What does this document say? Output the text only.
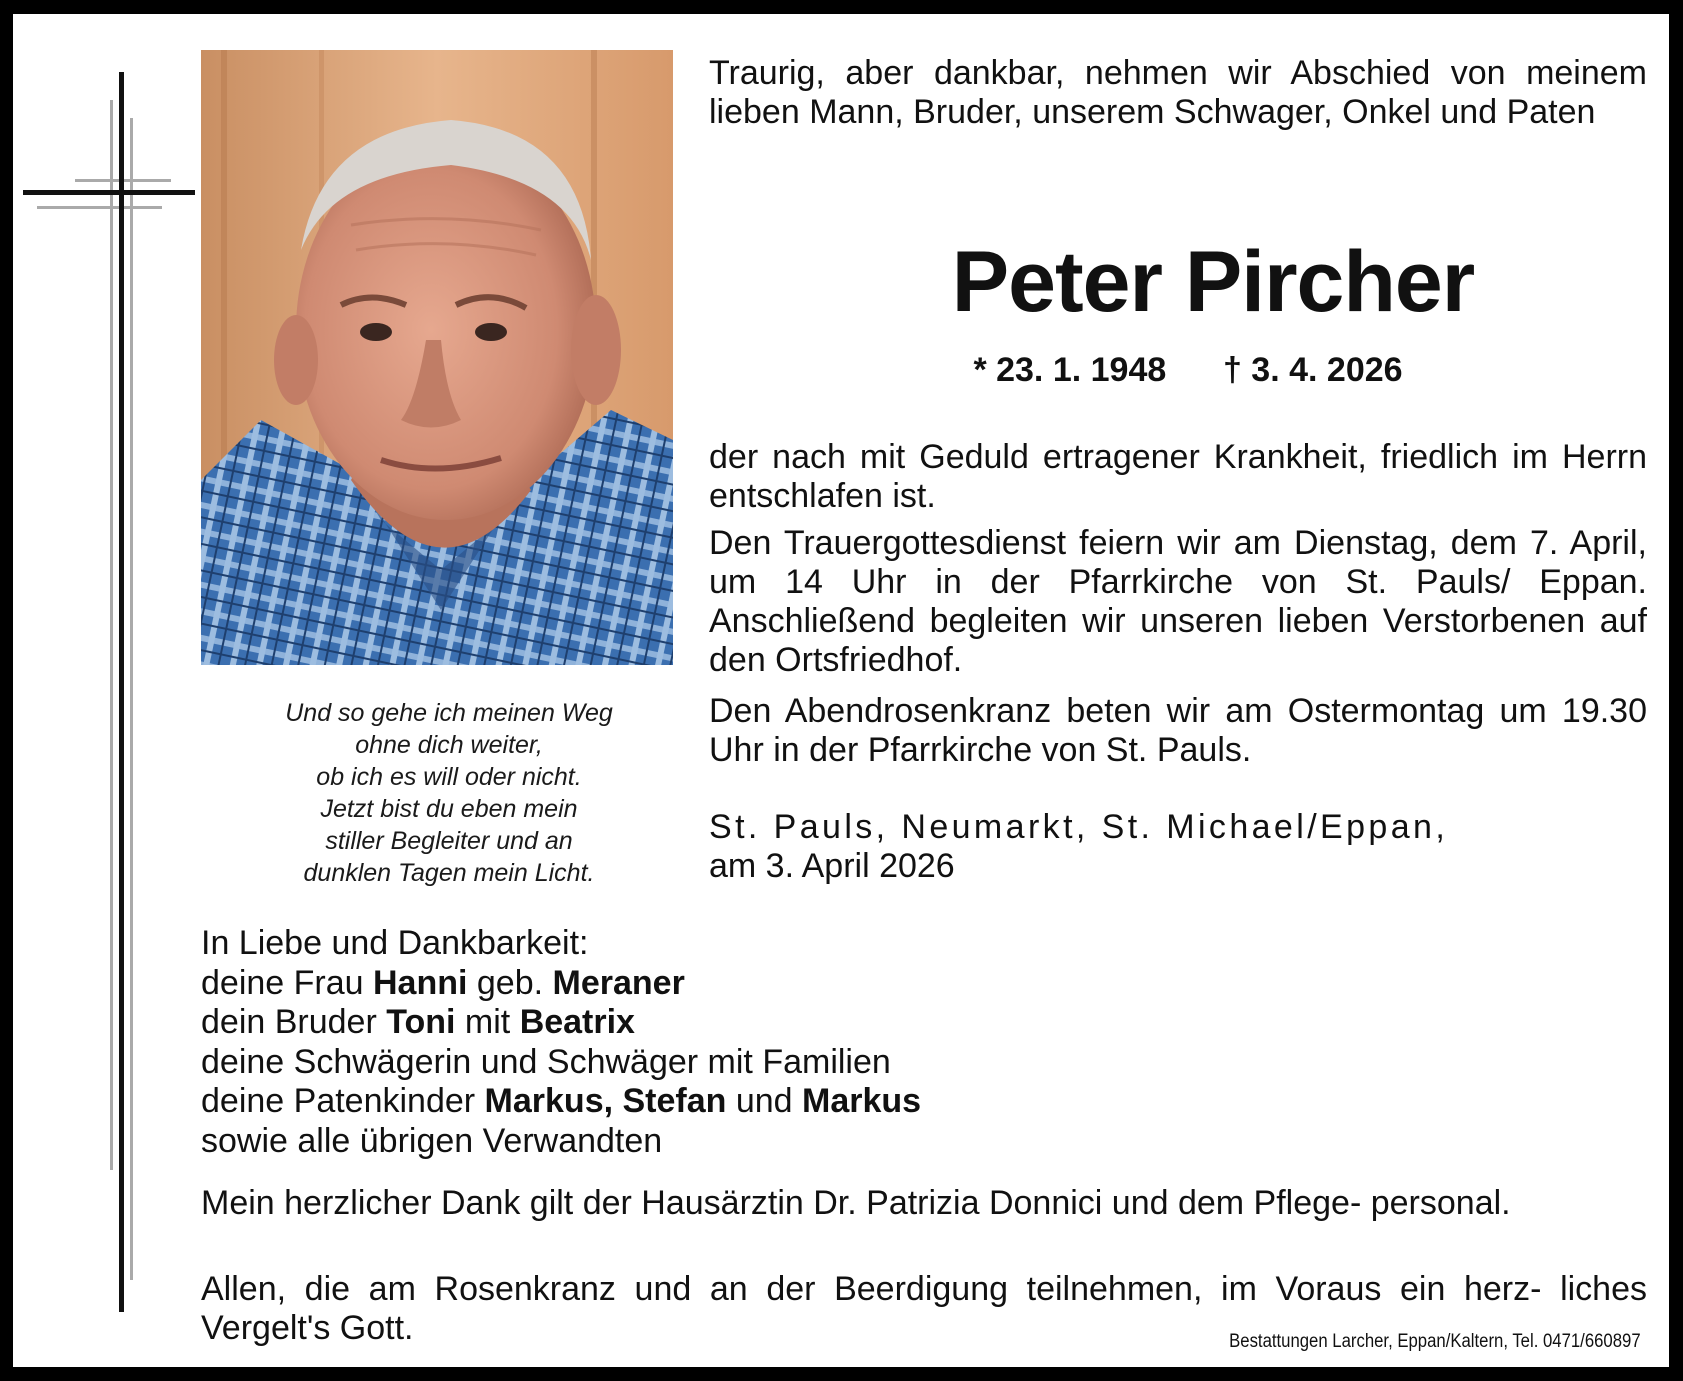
Und so gehe ich meinen Weg
ohne dich weiter,
ob ich es will oder nicht.
Jetzt bist du eben mein
stiller Begleiter und an
dunklen Tagen mein Licht.
Traurig, aber dankbar, nehmen wir Abschied von meinem lieben Mann, Bruder, unserem Schwager, Onkel und Paten
Peter Pircher
* 23. 1. 1948 † 3. 4. 2026
der nach mit Geduld ertragener Krankheit, friedlich im Herrn entschlafen ist.
Den Trauergottesdienst feiern wir am Dienstag, dem 7. April, um 14 Uhr in der Pfarrkirche von St. Pauls/ Eppan. Anschließend begleiten wir unseren lieben Verstorbenen auf den Ortsfriedhof.
Den Abendrosenkranz beten wir am Ostermontag um 19.30 Uhr in der Pfarrkirche von St. Pauls.
St. Pauls, Neumarkt, St. Michael/Eppan,
am 3. April 2026
In Liebe und Dankbarkeit:
deine Frau Hanni geb. Meraner
dein Bruder Toni mit Beatrix
deine Schwägerin und Schwäger mit Familien
deine Patenkinder Markus, Stefan und Markus
sowie alle übrigen Verwandten
Mein herzlicher Dank gilt der Hausärztin Dr. Patrizia Donnici und dem Pflege- personal.
Allen, die am Rosenkranz und an der Beerdigung teilnehmen, im Voraus ein herz- liches Vergelt's Gott.	Bestattungen Larcher, Eppan/Kaltern, Tel. 0471/660897
